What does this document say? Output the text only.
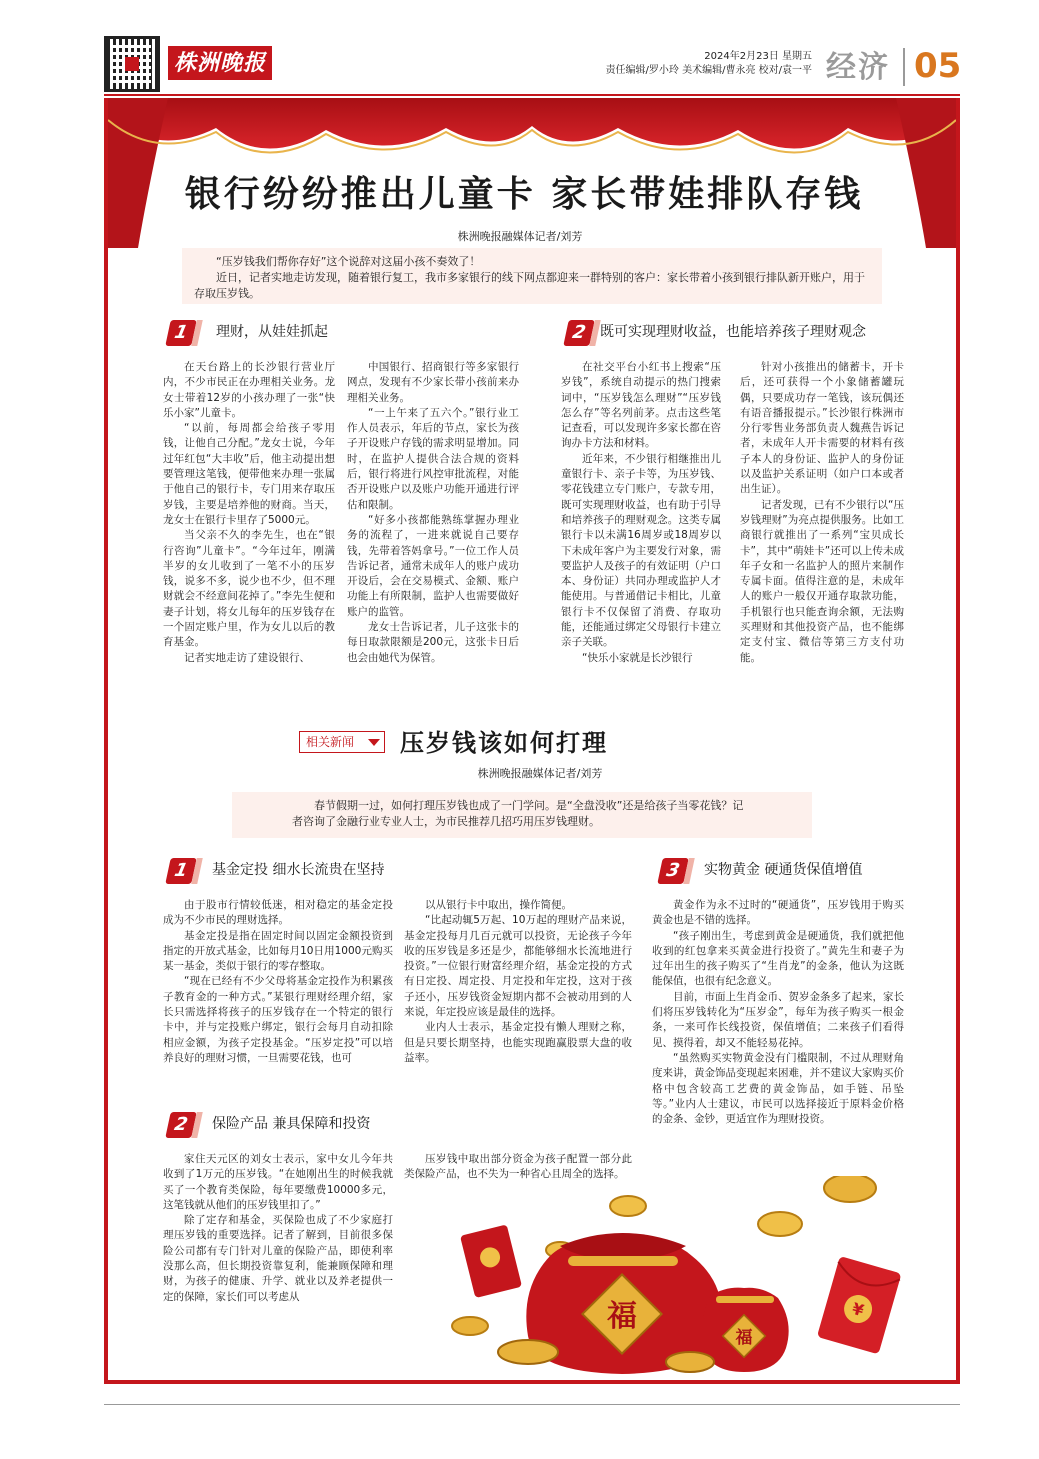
株洲晚报	2024年2月23日 星期五
责任编辑/罗小玲 美术编辑/曹永亮 校对/袁一平 经济 05
银行纷纷推出儿童卡 家长带娃排队存钱
株洲晚报融媒体记者/刘芳

“压岁钱我们帮你存好”这个说辞对这届小孩不奏效了！

近日，记者实地走访发现，随着银行复工，我市多家银行的线下网点都迎来一群特别的客户：家长带着小孩到银行排队新开账户，用于存取压岁钱。

1	理财，从娃娃抓起	2 既可实现理财收益，也能培养孩子理财观念

在天台路上的长沙银行营业厅内，不少市民正在办理相关业务。龙女士带着12岁的小孩办理了一张“快乐小家”儿童卡。

“以前，每周都会给孩子零用钱，让他自己分配。”龙女士说，今年过年红包“大丰收”后，他主动提出想要管理这笔钱，便带他来办理一张属于他自己的银行卡，专门用来存取压岁钱，主要是培养他的财商。当天，龙女士在银行卡里存了5000元。

当父亲不久的李先生，也在“银行咨询”儿童卡”。“今年过年，刚满半岁的女儿收到了一笔不小的压岁钱，说多不多，说少也不少，但不理财就会不经意间花掉了。”李先生便和妻子计划，将女儿每年的压岁钱存在一个固定账户里，作为女儿以后的教育基金。

记者实地走访了建设银行、

中国银行、招商银行等多家银行网点，发现有不少家长带小孩前来办理相关业务。

“一上午来了五六个。”银行业工作人员表示，年后的节点，家长为孩子开设账户存钱的需求明显增加。同时，在监护人提供合法合规的资料后，银行将进行风控审批流程，对能否开设账户以及账户功能开通进行评估和限制。

“好多小孩都能熟练掌握办理业务的流程了，一进来就说自己要存钱，先带着答妈拿号。”一位工作人员告诉记者，通常未成年人的账户成功开设后，会在交易模式、金额、账户功能上有所限制，监护人也需要做好账户的监管。

龙女士告诉记者，儿子这张卡的每日取款限额是200元，这张卡日后也会由她代为保管。

在社交平台小红书上搜索“压岁钱”，系统自动提示的热门搜索词中，“压岁钱怎么理财”“压岁钱怎么存”等名列前茅。点击这些笔记查看，可以发现许多家长都在咨询办卡方法和材料。

近年来，不少银行相继推出儿童银行卡、亲子卡等，为压岁钱、零花钱建立专门账户，专款专用，既可实现理财收益，也有助于引导和培养孩子的理财观念。这类专属银行卡以未满16周岁或18周岁以下未成年客户为主要发行对象，需要监护人及孩子的有效证明（户口本、身份证）共同办理或监护人才能使用。与普通借记卡相比，儿童银行卡不仅保留了消费、存取功能，还能通过绑定父母银行卡建立亲子关联。

“快乐小家就是长沙银行

针对小孩推出的储蓄卡，开卡后，还可获得一个小象储蓄罐玩偶，只要成功存一笔钱，该玩偶还有语音播报提示。”长沙银行株洲市分行零售业务部负责人魏燕告诉记者，未成年人开卡需要的材料有孩子本人的身份证、监护人的身份证以及监护关系证明（如户口本或者出生证）。

记者发现，已有不少银行以“压岁钱理财”为亮点提供服务。比如工商银行就推出了一系列“宝贝成长卡”，其中“萌娃卡”还可以上传未成年子女和一名监护人的照片来制作专属卡面。值得注意的是，未成年人的账户一般仅开通存取款功能，手机银行也只能查询余额，无法购买理财和其他投资产品，也不能绑定支付宝、微信等第三方支付功能。

相关新闻	压岁钱该如何打理
株洲晚报融媒体记者/刘芳

春节假期一过，如何打理压岁钱也成了一门学问。是“全盘没收”还是给孩子当零花钱？记者咨询了金融行业专业人士，为市民推荐几招巧用压岁钱理财。

1	基金定投 细水长流贵在坚持	3	实物黄金 硬通货保值增值

由于股市行情较低迷，相对稳定的基金定投成为不少市民的理财选择。

基金定投是指在固定时间以固定金额投资到指定的开放式基金，比如每月10日用1000元购买某一基金，类似于银行的零存整取。

“现在已经有不少父母将基金定投作为积累孩子教育金的一种方式。”某银行理财经理介绍，家长只需选择将孩子的压岁钱存在一个特定的银行卡中，并与定投账户绑定，银行会每月自动扣除相应金额，为孩子定投基金。“压岁定投”可以培养良好的理财习惯，一旦需要花钱，也可

以从银行卡中取出，操作简便。

“比起动辄5万起、10万起的理财产品来说，基金定投每月几百元就可以投资，无论孩子今年收的压岁钱是多还是少，都能够细水长流地进行投资。”一位银行财富经理介绍，基金定投的方式有日定投、周定投、月定投和年定投，这对于孩子还小，压岁钱资金短期内都不会被动用到的人来说，年定投应该是最佳的选择。

业内人士表示，基金定投有懒人理财之称，但是只要长期坚持，也能实现跑赢股票大盘的收益率。

2	保险产品 兼具保障和投资

家住天元区的刘女士表示，家中女儿今年共收到了1万元的压岁钱。“在她刚出生的时候我就买了一个教育类保险，每年要缴费10000多元，这笔钱就从他们的压岁钱里扣了。”

除了定存和基金，买保险也成了不少家庭打理压岁钱的重要选择。记者了解到，目前很多保险公司都有专门针对儿童的保险产品，即使利率没那么高，但长期投资靠复利，能兼顾保障和理财，为孩子的健康、升学、就业以及养老提供一定的保障，家长们可以考虑从

压岁钱中取出部分资金为孩子配置一部分此类保险产品，也不失为一种省心且周全的选择。

黄金作为永不过时的“硬通货”，压岁钱用于购买黄金也是不错的选择。

“孩子刚出生，考虑到黄金是硬通货，我们就把他收到的红包拿来买黄金进行投资了。”黄先生和妻子为过年出生的孩子购买了“生肖龙”的金条，他认为这既能保值，也很有纪念意义。

目前，市面上生肖金币、贺岁金条多了起来，家长们将压岁钱转化为“压岁金”，每年为孩子购买一根金条，一来可作长线投资，保值增值；二来孩子们看得见、摸得着，却又不能轻易花掉。

“虽然购买实物黄金没有门槛限制，不过从理财角度来讲，黄金饰品变现起来困难，并不建议大家购买价格中包含较高工艺费的黄金饰品，如手链、吊坠等。”业内人士建议，市民可以选择接近于原料金价格的金条、金钞，更适宜作为理财投资。

福
福
¥
